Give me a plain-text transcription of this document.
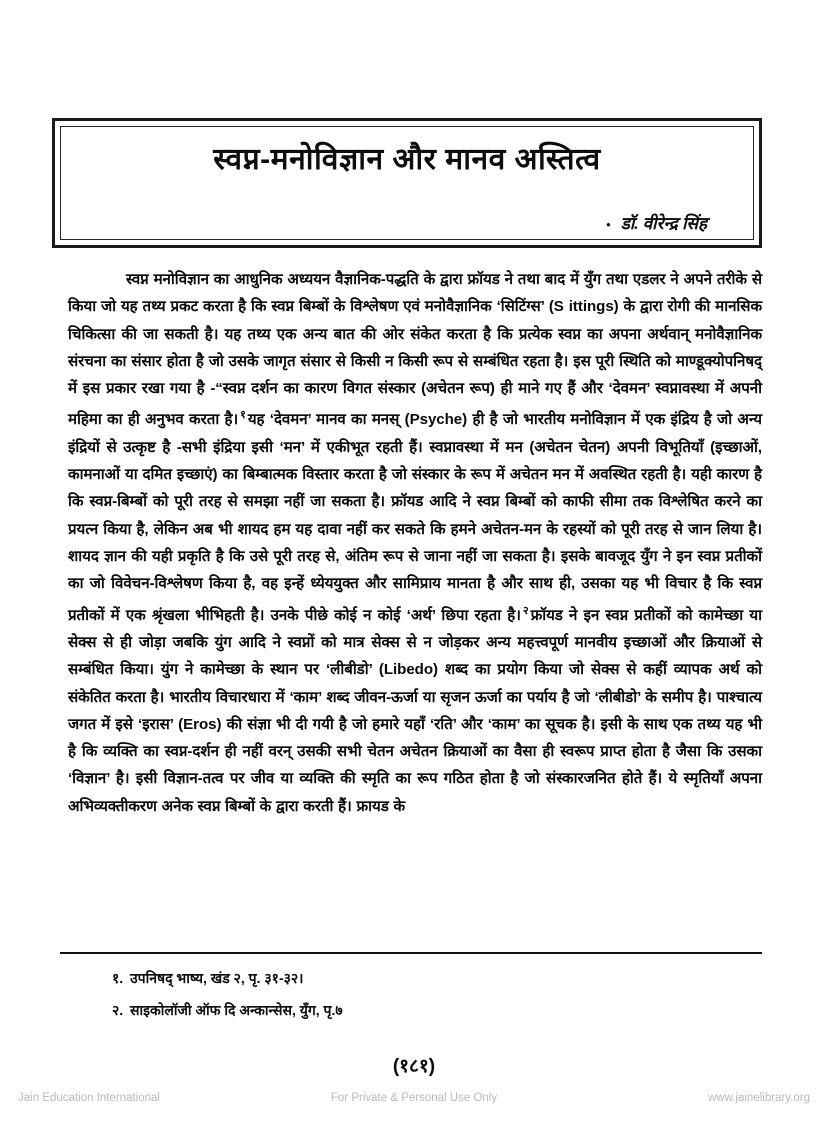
स्वप्न-मनोविज्ञान और मानव अस्तित्व
• डॉ. वीरेन्द्र सिंह

स्वप्न मनोविज्ञान का आधुनिक अध्ययन वैज्ञानिक-पद्धति के द्वारा फ्रॉयड ने तथा बाद में युँग तथा एडलर ने अपने तरीके से किया जो यह तथ्य प्रकट करता है कि स्वप्न बिम्बों के विश्लेषण एवं मनोवैज्ञानिक ‘सिटिंग्स’ (S ittings) के द्वारा रोगी की मानसिक चिकित्सा की जा सकती है। यह तथ्य एक अन्य बात की ओर संकेत करता है कि प्रत्येक स्वप्न का अपना अर्थवान् मनोवैज्ञानिक संरचना का संसार होता है जो उसके जागृत संसार से किसी न किसी रूप से सम्बंधित रहता है। इस पूरी स्थिति को माण्डूक्योपनिषद् में इस प्रकार रखा गया है -“स्वप्न दर्शन का कारण विगत संस्कार (अचेतन रूप) ही माने गए हैं और ‘देवमन’ स्वप्नावस्था में अपनी महिमा का ही अनुभव करता है। $^१$ यह ‘देवमन’ मानव का मनस् (Psyche) ही है जो भारतीय मनोविज्ञान में एक इंद्रिय है जो अन्य इंद्रियों से उत्कृष्ट है -सभी इंद्रिया इसी ‘मन’ में एकीभूत रहती हैं। स्वप्नावस्था में मन (अचेतन चेतन) अपनी विभूतियाँ (इच्छाओं, कामनाओं या दमित इच्छाएं) का बिम्बात्मक विस्तार करता है जो संस्कार के रूप में अचेतन मन में अवस्थित रहती है। यही कारण है कि स्वप्न-बिम्बों को पूरी तरह से समझा नहीं जा सकता है। फ्रॉयड आदि ने स्वप्न बिम्बों को काफी सीमा तक विश्लेषित करने का प्रयत्न किया है, लेकिन अब भी शायद हम यह दावा नहीं कर सकते कि हमने अचेतन-मन के रहस्यों को पूरी तरह से जान लिया है। शायद ज्ञान की यही प्रकृति है कि उसे पूरी तरह से, अंतिम रूप से जाना नहीं जा सकता है। इसके बावजूद युँग ने इन स्वप्न प्रतीकों का जो विवेचन-विश्लेषण किया है, वह इन्हें ध्येययुक्त और सामिप्राय मानता है और साथ ही, उसका यह भी विचार है कि स्वप्न प्रतीकों में एक श्रृंखला भीभिहती है। उनके पीछे कोई न कोई ‘अर्थ’ छिपा रहता है। $^२$ फ्रॉयड ने इन स्वप्न प्रतीकों को कामेच्छा या सेक्स से ही जोड़ा जबकि युंग आदि ने स्वप्नों को मात्र सेक्स से न जोड़कर अन्य महत्त्वपूर्ण मानवीय इच्छाओं और क्रियाओं से सम्बंधित किया। युंग ने कामेच्छा के स्थान पर ‘लीबीडो’ (Libedo) शब्द का प्रयोग किया जो सेक्स से कहीं व्यापक अर्थ को संकेतित करता है। भारतीय विचारधारा में ‘काम’ शब्द जीवन-ऊर्जा या सृजन ऊर्जा का पर्याय है जो ‘लीबीडो’ के समीप है। पाश्चात्य जगत में इसे ‘इरास’ (Eros) की संज्ञा भी दी गयी है जो हमारे यहाँ ‘रति’ और ‘काम’ का सूचक है। इसी के साथ एक तथ्य यह भी है कि व्यक्ति का स्वप्न-दर्शन ही नहीं वरन् उसकी सभी चेतन अचेतन क्रियाओं का वैसा ही स्वरूप प्राप्त होता है जैसा कि उसका ‘विज्ञान’ है। इसी विज्ञान-तत्व पर जीव या व्यक्ति की स्मृति का रूप गठित होता है जो संस्कारजनित होते हैं। ये स्मृतियाँ अपना अभिव्यक्तीकरण अनेक स्वप्न बिम्बों के द्वारा करती हैं। फ्रायड के

१. उपनिषद् भाष्य, खंड २, पृ. ३१-३२।
२. साइकोलॉजी ऑफ दि अन्कान्सेस, युँग, पृ.७
(१८१)
Jain Education International	For Private & Personal Use Only	www.jainelibrary.org
